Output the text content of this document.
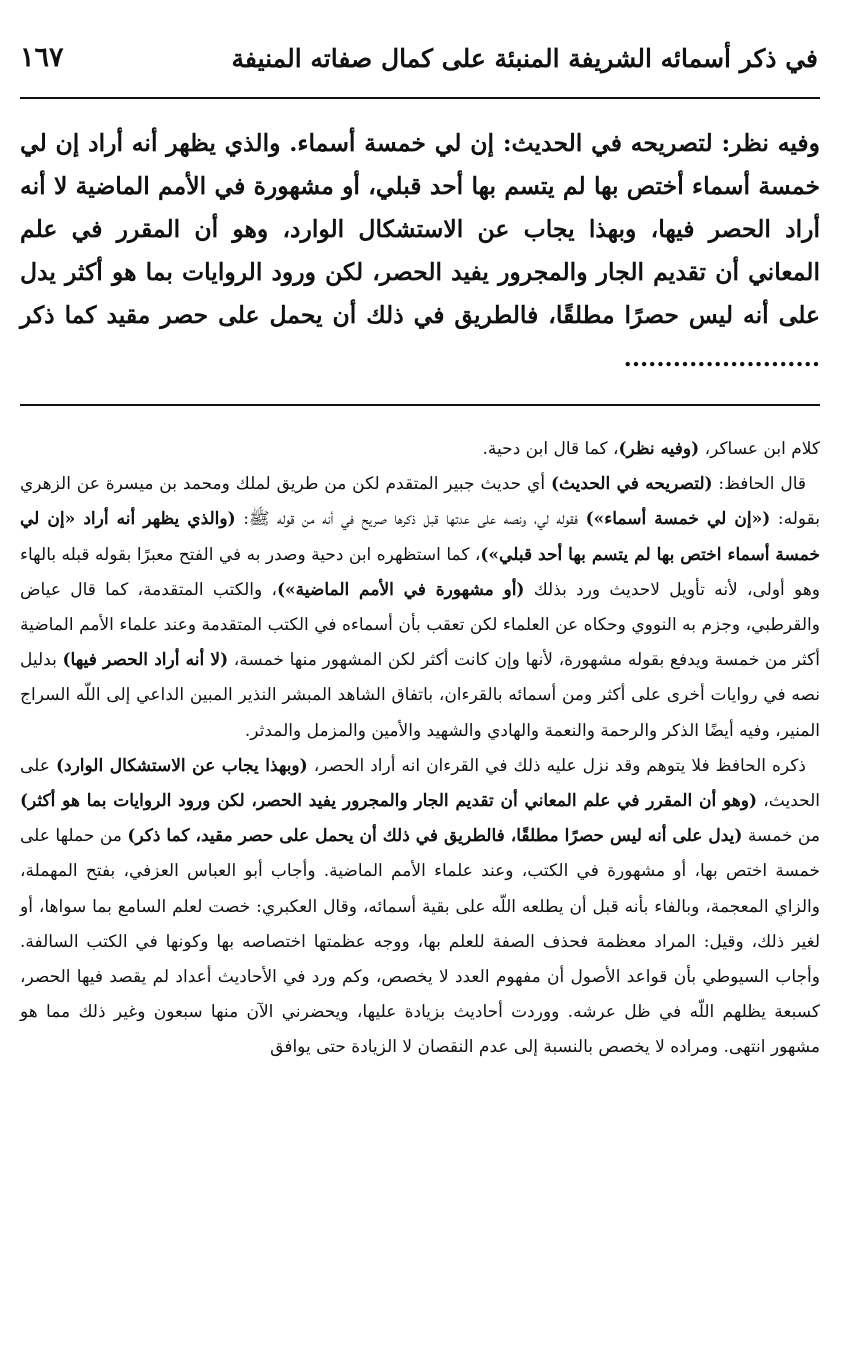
في ذكر أسمائه الشريفة المنبئة على كمال صفاته المنيفة
١٦٧
وفيه نظر: لتصريحه في الحديث: إن لي خمسة أسماء. والذي يظهر أنه أراد إن لي خمسة أسماء أختص بها لم يتسم بها أحد قبلي، أو مشهورة في الأمم الماضية لا أنه أراد الحصر فيها، وبهذا يجاب عن الاستشكال الوارد، وهو أن المقرر في علم المعاني أن تقديم الجار والمجرور يفيد الحصر، لكن ورود الروايات بما هو أكثر يدل على أنه ليس حصرًا مطلقًا، فالطريق في ذلك أن يحمل على حصر مقيد كما ذكر ........................

كلام ابن عساكر، (وفيه نظر)، كما قال ابن دحية.

قال الحافظ: (لتصريحه في الحديث) أي حديث جبير المتقدم لكن من طريق لملك ومحمد بن ميسرة عن الزهري بقوله: («إن لي خمسة أسماء») فقوله لي، ونصه على عدتها قبل ذكرها صريح في أنه من قوله ﷺ: (والذي يظهر أنه أراد «إن لي خمسة أسماء اختص بها لم يتسم بها أحد قبلي»)، كما استظهره ابن دحية وصدر به في الفتح معبرًا بقوله قبله بالهاء وهو أولى، لأنه تأويل لاحديث ورد بذلك (أو مشهورة في الأمم الماضية»)، والكتب المتقدمة، كما قال عياض والقرطبي، وجزم به النووي وحكاه عن العلماء لكن تعقب بأن أسماءه في الكتب المتقدمة وعند علماء الأمم الماضية أكثر من خمسة ويدفع بقوله مشهورة، لأنها وإن كانت أكثر لكن المشهور منها خمسة، (لا أنه أراد الحصر فيها) بدليل نصه في روايات أخرى على أكثر ومن أسمائه بالقرءان، باتفاق الشاهد المبشر النذير المبين الداعي إلى اللّه السراج المنير، وفيه أيضًا الذكر والرحمة والنعمة والهادي والشهيد والأمين والمزمل والمدثر.

ذكره الحافظ فلا يتوهم وقد نزل عليه ذلك في القرءان انه أراد الحصر، (وبهذا يجاب عن الاستشكال الوارد) على الحديث، (وهو أن المقرر في علم المعاني أن تقديم الجار والمجرور يفيد الحصر، لكن ورود الروايات بما هو أكثر) من خمسة (يدل على أنه ليس حصرًا مطلقًا، فالطريق في ذلك أن يحمل على حصر مقيد، كما ذكر) من حملها على خمسة اختص بها، أو مشهورة في الكتب، وعند علماء الأمم الماضية. وأجاب أبو العباس العزفي، بفتح المهملة، والزاي المعجمة، وبالفاء بأنه قبل أن يطلعه اللّه على بقية أسمائه، وقال العكبري: خصت لعلم السامع بما سواها، أو لغير ذلك، وقيل: المراد معظمة فحذف الصفة للعلم بها، ووجه عظمتها اختصاصه بها وكونها في الكتب السالفة. وأجاب السيوطي بأن قواعد الأصول أن مفهوم العدد لا يخصص، وكم ورد في الأحاديث أعداد لم يقصد فيها الحصر، كسبعة يظلهم اللّه في ظل عرشه. ووردت أحاديث بزيادة عليها، ويحضرني الآن منها سبعون وغير ذلك مما هو مشهور انتهى. ومراده لا يخصص بالنسبة إلى عدم النقصان لا الزيادة حتى يوافق
